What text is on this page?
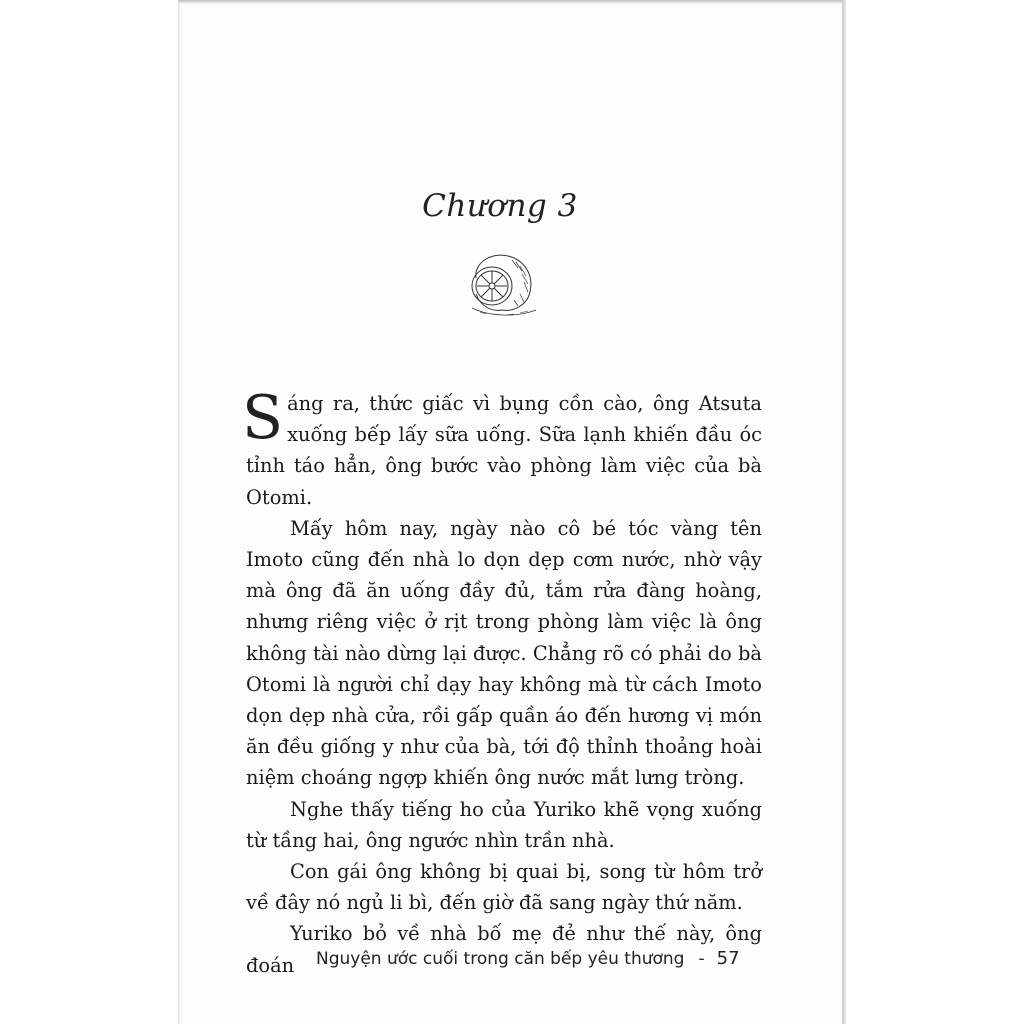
Chương 3

Sáng ra, thức giấc vì bụng cồn cào, ông Atsuta xuống bếp lấy sữa uống. Sữa lạnh khiến đầu óc tỉnh táo hẳn, ông bước vào phòng làm việc của bà Otomi.

Mấy hôm nay, ngày nào cô bé tóc vàng tên Imoto cũng đến nhà lo dọn dẹp cơm nước, nhờ vậy mà ông đã ăn uống đầy đủ, tắm rửa đàng hoàng, nhưng riêng việc ở rịt trong phòng làm việc là ông không tài nào dừng lại được. Chẳng rõ có phải do bà Otomi là người chỉ dạy hay không mà từ cách Imoto dọn dẹp nhà cửa, rồi gấp quần áo đến hương vị món ăn đều giống y như của bà, tới độ thỉnh thoảng hoài niệm choáng ngợp khiến ông nước mắt lưng tròng.

Nghe thấy tiếng ho của Yuriko khẽ vọng xuống từ tầng hai, ông ngước nhìn trần nhà.

Con gái ông không bị quai bị, song từ hôm trở về đây nó ngủ li bì, đến giờ đã sang ngày thứ năm.

Yuriko bỏ về nhà bố mẹ đẻ như thế này, ông đoán	Nguyện ước cuối trong căn bếp yêu thương - 57
